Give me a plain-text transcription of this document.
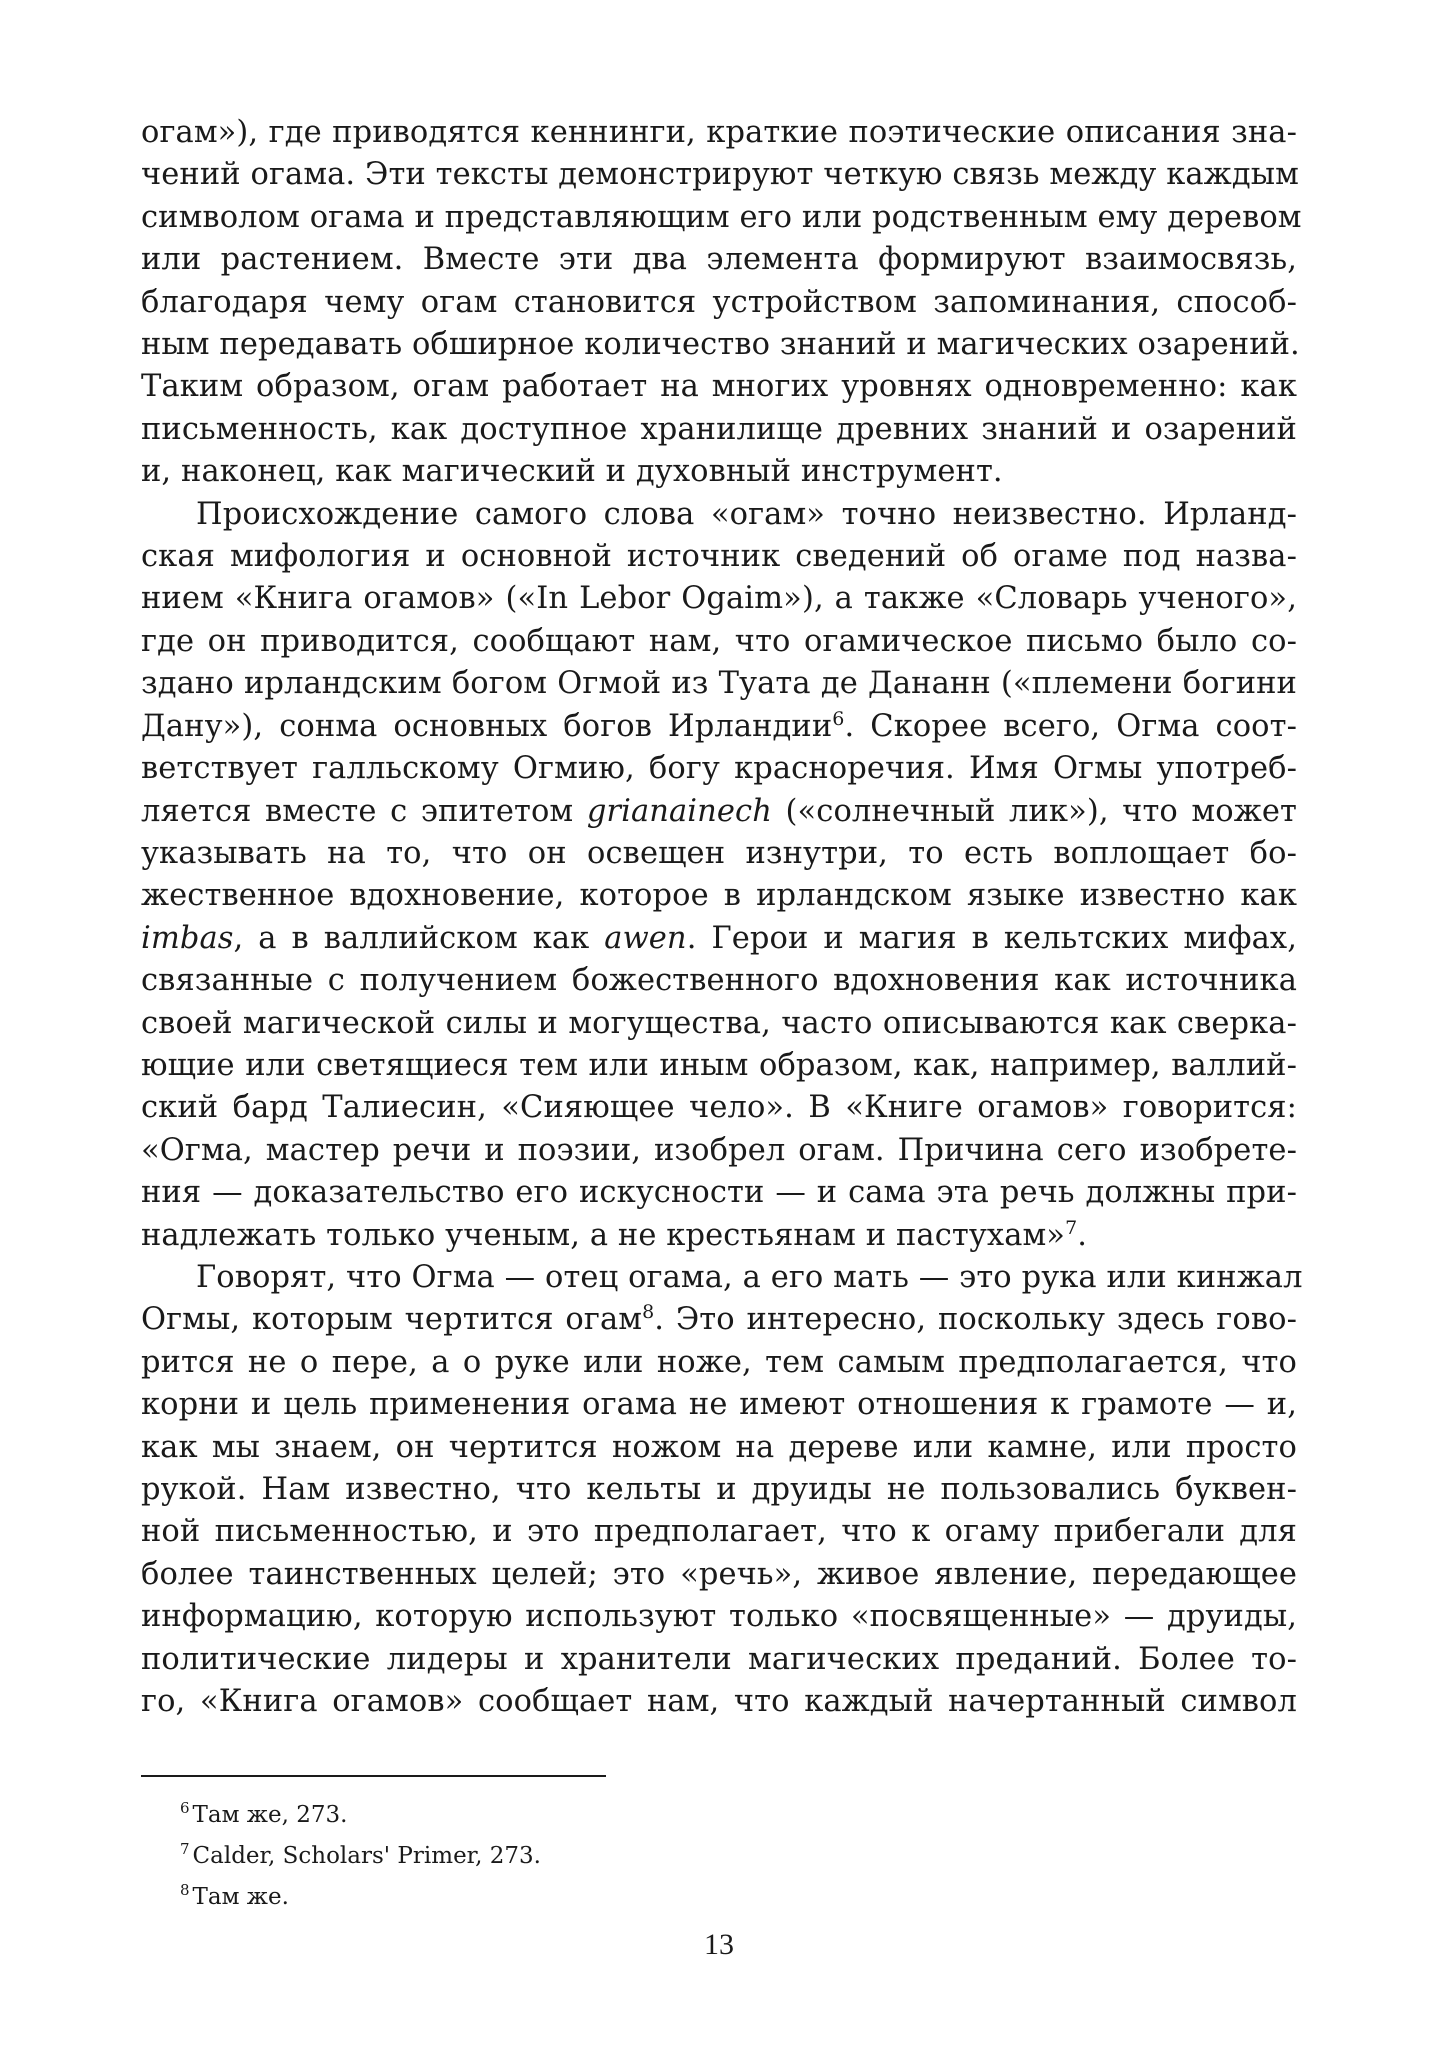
огам»), где приводятся кеннинги, краткие поэтические описания зна-
чений огама. Эти тексты демонстрируют четкую связь между каждым
символом огама и представляющим его или родственным ему деревом
или растением. Вместе эти два элемента формируют взаимосвязь,
благодаря чему огам становится устройством запоминания, способ-
ным передавать обширное количество знаний и магических озарений.
Таким образом, огам работает на многих уровнях одновременно: как
письменность, как доступное хранилище древних знаний и озарений
и, наконец, как магический и духовный инструмент.
Происхождение самого слова «огам» точно неизвестно. Ирланд-
ская мифология и основной источник сведений об огаме под назва-
нием «Книга огамов» («In Lebor Ogaim»), а также «Словарь ученого»,
где он приводится, сообщают нам, что огамическое письмо было со-
здано ирландским богом Огмой из Туата де Дананн («племени богини
Дану»), сонма основных богов Ирландии$^6$. Скорее всего, Огма соот-
ветствует галльскому Огмию, богу красноречия. Имя Огмы употреб-
ляется вместе с эпитетом grianainech («солнечный лик»), что может
указывать на то, что он освещен изнутри, то есть воплощает бо-
жественное вдохновение, которое в ирландском языке известно как
imbas, а в валлийском как awen. Герои и магия в кельтских мифах,
связанные с получением божественного вдохновения как источника
своей магической силы и могущества, часто описываются как сверка-
ющие или светящиеся тем или иным образом, как, например, валлий-
ский бард Талиесин, «Сияющее чело». В «Книге огамов» говорится:
«Огма, мастер речи и поэзии, изобрел огам. Причина сего изобрете-
ния — доказательство его искусности — и сама эта речь должны при-
надлежать только ученым, а не крестьянам и пастухам»$^7$.
Говорят, что Огма — отец огама, а его мать — это рука или кинжал
Огмы, которым чертится огам$^8$. Это интересно, поскольку здесь гово-
рится не о пере, а о руке или ноже, тем самым предполагается, что
корни и цель применения огама не имеют отношения к грамоте — и,
как мы знаем, он чертится ножом на дереве или камне, или просто
рукой. Нам известно, что кельты и друиды не пользовались буквен-
ной письменностью, и это предполагает, что к огаму прибегали для
более таинственных целей; это «речь», живое явление, передающее
информацию, которую используют только «посвященные» — друиды,
политические лидеры и хранители магических преданий. Более то-
го, «Книга огамов» сообщает нам, что каждый начертанный символ
$^6$ Там же, 273.
$^7$ Calder, Scholars' Primer, 273.
$^8$ Там же.
13
